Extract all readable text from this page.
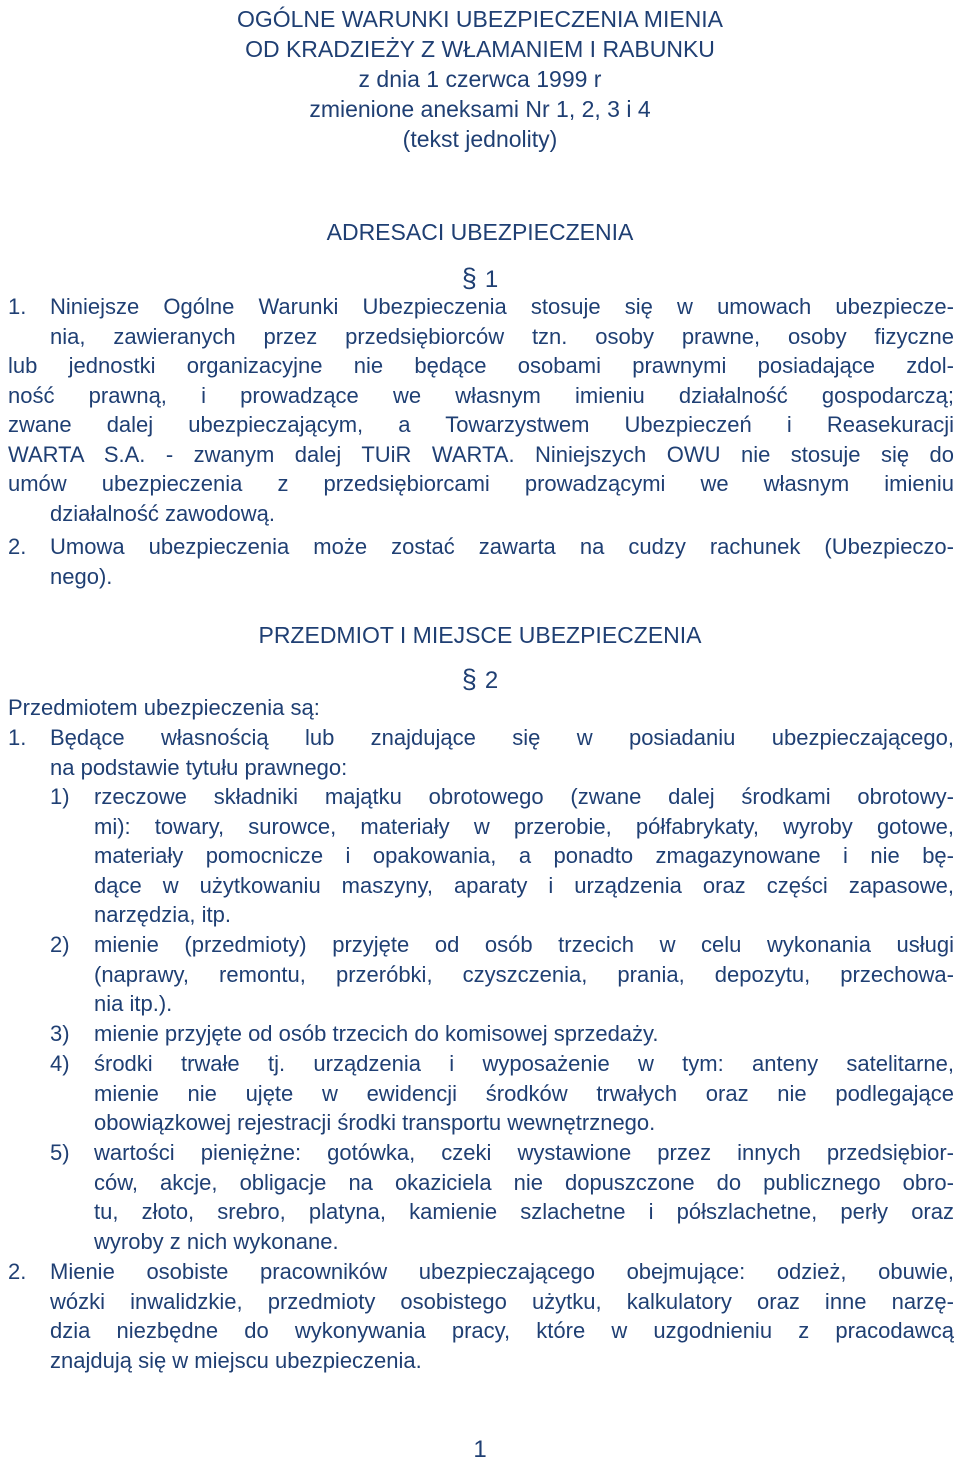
OGÓLNE WARUNKI UBEZPIECZENIA MIENIA
OD KRADZIEŻY Z WŁAMANIEM I RABUNKU
z dnia 1 czerwca 1999 r
zmienione aneksami Nr 1, 2, 3 i 4
(tekst jednolity)
ADRESACI UBEZPIECZENIA
§ 1
1. Niniejsze Ogólne Warunki Ubezpieczenia stosuje się w umowach ubezpiecze-
nia, zawieranych przez przedsiębiorców tzn. osoby prawne, osoby fizyczne
lub jednostki organizacyjne nie będące osobami prawnymi posiadające zdol-
ność prawną, i prowadzące we własnym imieniu działalność gospodarczą;
zwane dalej ubezpieczającym, a Towarzystwem Ubezpieczeń i Reasekuracji
WARTA S.A. - zwanym dalej TUiR WARTA. Niniejszych OWU nie stosuje się do
umów ubezpieczenia z przedsiębiorcami prowadzącymi we własnym imieniu
działalność zawodową.
2. Umowa ubezpieczenia może zostać zawarta na cudzy rachunek (Ubezpieczo-
nego).
PRZEDMIOT I MIEJSCE UBEZPIECZENIA
§ 2
Przedmiotem ubezpieczenia są:
1. Będące własnością lub znajdujące się w posiadaniu ubezpieczającego,
na podstawie tytułu prawnego:
1) rzeczowe składniki majątku obrotowego (zwane dalej środkami obrotowy-
mi): towary, surowce, materiały w przerobie, półfabrykaty, wyroby gotowe,
materiały pomocnicze i opakowania, a ponadto zmagazynowane i nie bę-
dące w użytkowaniu maszyny, aparaty i urządzenia oraz części zapasowe,
narzędzia, itp.
2) mienie (przedmioty) przyjęte od osób trzecich w celu wykonania usługi
(naprawy, remontu, przeróbki, czyszczenia, prania, depozytu, przechowa-
nia itp.).
3) mienie przyjęte od osób trzecich do komisowej sprzedaży.
4) środki trwałe tj. urządzenia i wyposażenie w tym: anteny satelitarne,
mienie nie ujęte w ewidencji środków trwałych oraz nie podlegające
obowiązkowej rejestracji środki transportu wewnętrznego.
5) wartości pieniężne: gotówka, czeki wystawione przez innych przedsiębior-
ców, akcje, obligacje na okaziciela nie dopuszczone do publicznego obro-
tu, złoto, srebro, platyna, kamienie szlachetne i półszlachetne, perły oraz
wyroby z nich wykonane.
2. Mienie osobiste pracowników ubezpieczającego obejmujące: odzież, obuwie,
wózki inwalidzkie, przedmioty osobistego użytku, kalkulatory oraz inne narzę-
dzia niezbędne do wykonywania pracy, które w uzgodnieniu z pracodawcą
znajdują się w miejscu ubezpieczenia.
1
